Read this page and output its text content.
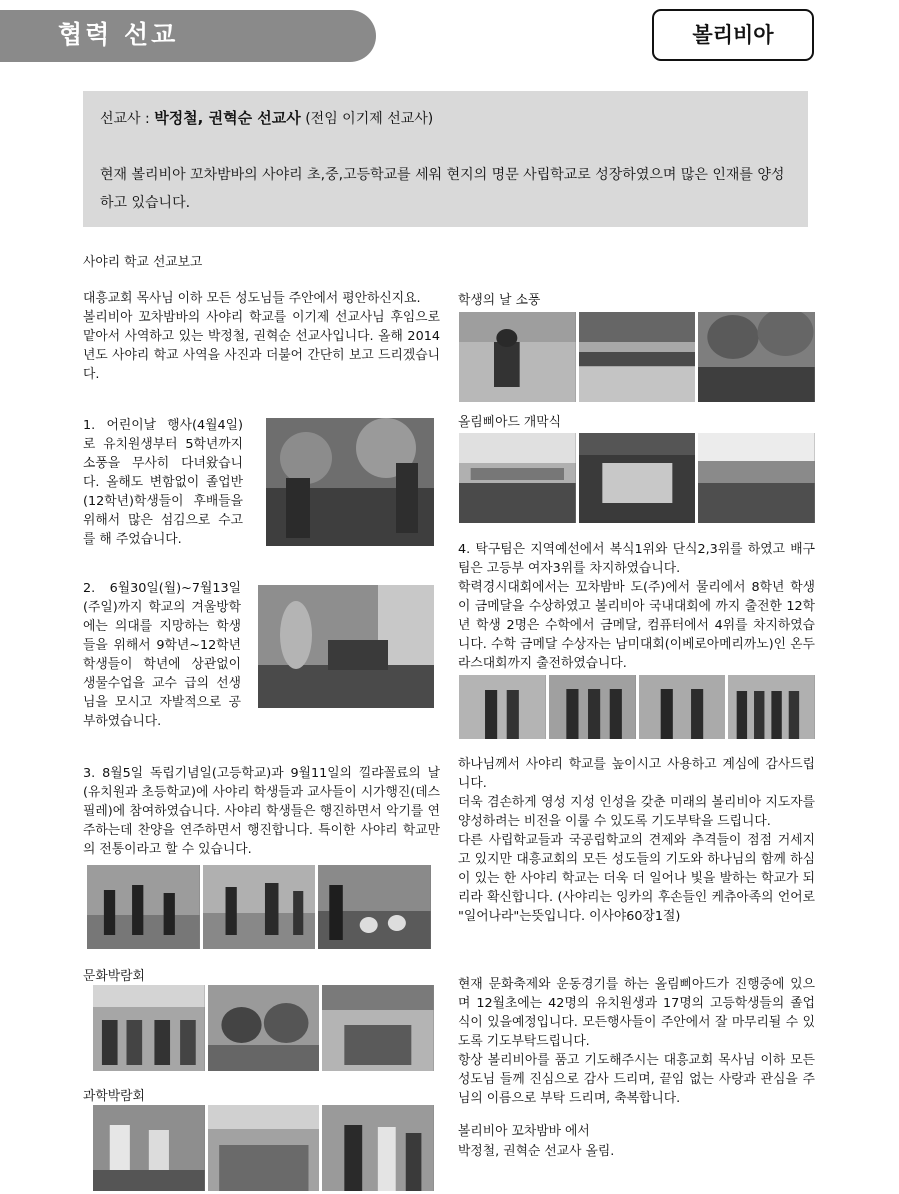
협력 선교	볼리비아
선교사 : 박정철, 권혁순 선교사 (전임 이기제 선교사)
현재 볼리비아 꼬차밤바의 사야리 초,중,고등학교를 세워 현지의 명문 사립학교로 성장하였으며 많은 인재를 양성하고 있습니다.
사야리 학교 선교보고

대흥교회 목사님 이하 모든 성도님들 주안에서 평안하신지요.

볼리비아 꼬차밤바의 사야리 학교를 이기제 선교사님 후임으로 맡아서 사역하고 있는 박정철, 권혁순 선교사입니다. 올해 2014년도 사야리 학교 사역을 사진과 더불어 간단히 보고 드리겠습니다.

1. 어린이날 행사(4월4일) 로 유치원생부터 5학년까지 소풍을 무사히 다녀왔습니다. 올해도 변함없이 졸업반(12학년)학생들이 후배들을 위해서 많은 섬김으로 수고를 해 주었습니다.
2. 6월30일(월)~7월13일(주일)까지 학교의 겨울방학에는 의대를 지망하는 학생들을 위해서 9학년~12학년 학생들이 학년에 상관없이 생물수업을 교수 급의 선생님을 모시고 자발적으로 공부하였습니다.
3. 8월5일 독립기념일(고등학교)과 9월11일의 낄랴꼴료의 날(유치원과 초등학교)에 사야리 학생들과 교사들이 시가행진(데스필레)에 참여하였습니다. 사야리 학생들은 행진하면서 악기를 연주하는데 찬양을 연주하면서 행진합니다. 특이한 사야리 학교만의 전통이라고 할 수 있습니다.
문화박람회
과학박람회
학생의 날 소풍
올림삐아드 개막식

4. 탁구팀은 지역예선에서 복식1위와 단식2,3위를 하였고 배구팀은 고등부 여자3위를 차지하였습니다.

학력경시대회에서는 꼬차밤바 도(주)에서 물리에서 8학년 학생이 금메달을 수상하였고 볼리비아 국내대회에 까지 출전한 12학년 학생 2명은 수학에서 금메달, 컴퓨터에서 4위를 차지하였습니다. 수학 금메달 수상자는 남미대회(이베로아메리까노)인 온두라스대회까지 출전하였습니다.

하나님께서 사야리 학교를 높이시고 사용하고 계심에 감사드립니다.

더욱 겸손하게 영성 지성 인성을 갖춘 미래의 볼리비아 지도자를 양성하려는 비전을 이룰 수 있도록 기도부탁을 드립니다.

다른 사립학교들과 국공립학교의 견제와 추격들이 점점 거세지고 있지만 대흥교회의 모든 성도들의 기도와 하나님의 함께 하심이 있는 한 사야리 학교는 더욱 더 일어나 빛을 발하는 학교가 되리라 확신합니다. (사야리는 잉카의 후손들인 케츄아족의 언어로 "일어나라"는뜻입니다. 이사야60장1절)

현재 문화축제와 운동경기를 하는 올림삐아드가 진행중에 있으며 12월초에는 42명의 유치원생과 17명의 고등학생들의 졸업식이 있을예정입니다. 모든행사들이 주안에서 잘 마무리될 수 있도록 기도부탁드립니다.

항상 볼리비아를 품고 기도해주시는 대흥교회 목사님 이하 모든 성도님 들께 진심으로 감사 드리며, 끝임 없는 사랑과 관심을 주님의 이름으로 부탁 드리며, 축복합니다.

볼리비아 꼬차밤바 에서
박정철, 권혁순 선교사 올림.
